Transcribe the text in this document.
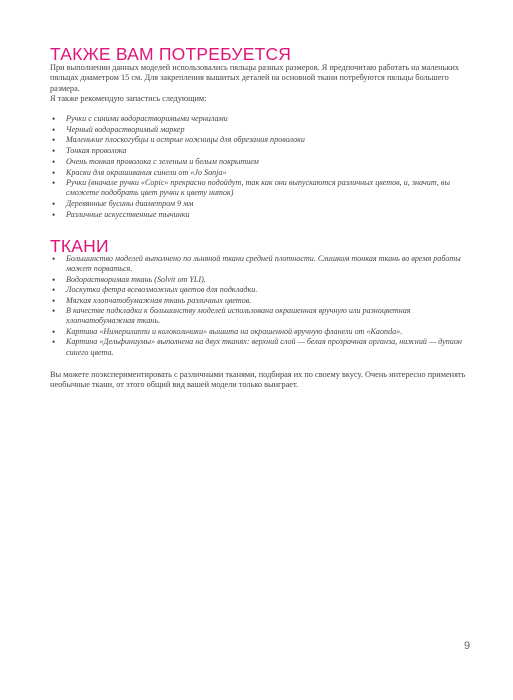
ТАКЖЕ ВАМ ПОТРЕБУЕТСЯ

При выполнении данных моделей использовались пяльцы разных размеров. Я предпочитаю работать на маленьких пяльцах диаметром 15 см. Для закрепления вышитых деталей на основной ткани потребуются пяльцы большего размера.

Я также рекомендую запастись следующим:

• Ручки с синими водорастворимыми чернилами
• Черный водорастворимый маркер
• Маленькие плоскогубцы и острые ножницы для обрезания проволоки
• Тонкая проволока
• Очень тонкая проволока с зеленым и белым покрытием
• Краски для окрашивания синели от «Jo Sonja»
• Ручки (вначале ручки «Copic» прекрасно подойдут, так как они выпускаются различных цветов, и, значит, вы сможете подобрать цвет ручки к цвету ниток)
• Деревянные бусины диаметром 9 мм
• Различные искусственные тычинки
ТКАНИ
• Большинство моделей выполнено по льняной ткани средней плотности. Слишком тонкая ткань во время работы может порваться.
• Водорастворимая ткань (Solvit от YLI).
• Лоскутки фетра всевозможных цветов для подкладки.
• Мягкая хлопчатобумажная ткань различных цветов.
• В качестве подкладки к большинству моделей использована окрашенная вручную или разноцветная хлопчатобумажная ткань.
• Картина «Нимерилаппи и колокольчики» вышита на окрашенной вручную фланели от «Kaonda».
• Картина «Дельфиниумы» выполнена на двух тканях: верхний слой — белая прозрачная органза, нижний — дупион синего цвета.

Вы можете поэкспериментировать с различными тканями, подбирая их по своему вкусу. Очень интересно применять необычные ткани, от этого общий вид вашей модели только выиграет.

9
